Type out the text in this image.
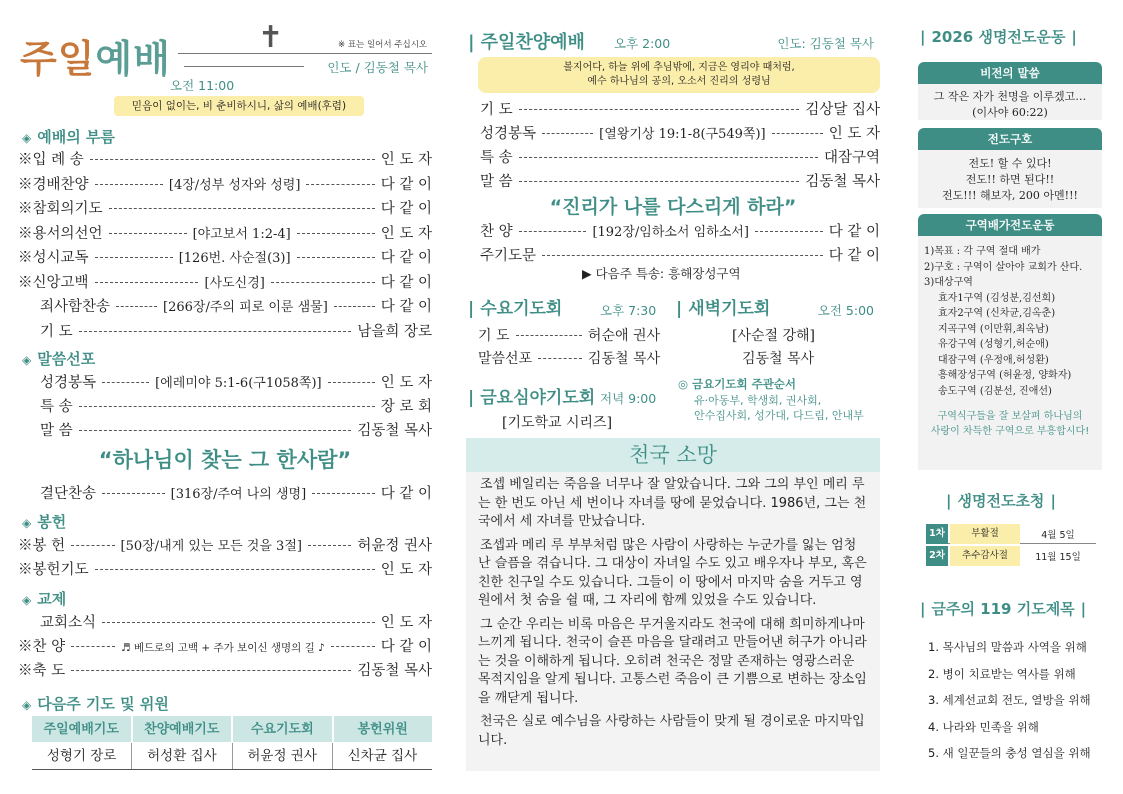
주일예배	✝	※ 표는 일어서 주십시오
인도 / 김동철 목사
오전 11:00
믿음이 없이는, 비 춘비하시니, 삶의 예배(후렴)
◈ 예배의 부름
※입 례 송	인 도 자
※경배찬양	[4장/성부 성자와 성령]	다 같 이
※참회의기도	다 같 이
※용서의선언	[야고보서 1:2-4]	인 도 자
※성시교독	[126번. 사순절(3)]	다 같 이
※신앙고백	[사도신경]	다 같 이
죄사함찬송	[266장/주의 피로 이룬 샘물]	다 같 이
기 도	남을희 장로
◈ 말씀선포
성경봉독	[에레미야 5:1-6(구1058쪽)]	인 도 자
특 송	장 로 회
말 씀	김동철 목사
“하나님이 찾는 그 한사람”
결단찬송	[316장/주여 나의 생명]	다 같 이
◈ 봉헌
※봉 헌	[50장/내게 있는 모든 것을 3절]	허윤정 권사
※봉헌기도	인 도 자
◈ 교제
교회소식	인 도 자
※찬 양	♬ 베드로의 고백 + 주가 보이신 생명의 길 ♪	다 같 이
※축 도	김동철 목사
◈ 다음주 기도 및 위원
주일예배기도	찬양예배기도	수요기도회	봉헌위원
성형기 장로	허성환 집사	허윤정 권사	신차균 집사
| 주일찬양예배 오후 2:00	인도: 김동철 목사
볼지어다, 하늘 위에 추님밖에, 지금은 영리야 때처럼,
예수 하나님의 공의, 오소서 진리의 성령님
기 도	김상달 집사
성경봉독	[열왕기상 19:1-8(구549쪽)]	인 도 자
특 송	대잠구역
말 씀	김동철 목사
“진리가 나를 다스리게 하라”
찬 양	[192장/임하소서 임하소서]	다 같 이
주기도문	다 같 이
▶ 다음주 특송: 흥해장성구역
| 수요기도회	오후 7:30
기 도	허순애 권사
말씀선포	김동철 목사
| 새벽기도회	오전 5:00
[사순절 강해]
김동철 목사
| 금요심야기도회 저녁 9:00
[기도학교 시리즈]
◎ 금요기도회 주관순서
유·아동부, 학생회, 권사회,
안수집사회, 성가대, 다드림, 안내부
천국 소망

조셉 베일리는 죽음을 너무나 잘 알았습니다. 그와 그의 부인 메리 루는 한 번도 아닌 세 번이나 자녀를 땅에 묻었습니다. 1986년, 그는 천국에서 세 자녀를 만났습니다.

조셉과 메리 루 부부처럼 많은 사람이 사랑하는 누군가를 잃는 엄청난 슬픔을 겪습니다. 그 대상이 자녀일 수도 있고 배우자나 부모, 혹은 친한 친구일 수도 있습니다. 그들이 이 땅에서 마지막 숨을 거두고 영원에서 첫 숨을 쉴 때, 그 자리에 함께 있었을 수도 있습니다.

그 순간 우리는 비록 마음은 무거울지라도 천국에 대해 희미하게나마 느끼게 됩니다. 천국이 슬픈 마음을 달래려고 만들어낸 허구가 아니라는 것을 이해하게 됩니다. 오히려 천국은 정말 존재하는 영광스러운 목적지임을 알게 됩니다. 고통스런 죽음이 큰 기쁨으로 변하는 장소임을 깨닫게 됩니다.

천국은 실로 예수님을 사랑하는 사람들이 맞게 될 경이로운 마지막입니다.

| 2026 생명전도운동 |
비전의 말씀
그 작은 자가 천명을 이루겠고…
(이사야 60:22)
전도구호
전도! 할 수 있다!
전도!! 하면 된다!!
전도!!! 해보자, 200 아멘!!!
구역배가전도운동
1)목표 : 각 구역 절대 배가
2)구호 : 구역이 살아야 교회가 산다.
3)대상구역
효자1구역 (김성분,김선희)
효자2구역 (신차균,김옥춘)
지곡구역 (이만휘,최옥남)
유강구역 (성형기,허순애)
대잠구역 (우정애,허성환)
흥해장성구역 (허윤정, 양화자)
송도구역 (김분선, 진애선)
구역식구들을 잘 보살펴 하나님의
사랑이 차득한 구역으로 부흥합시다!
| 생명전도초청 |
1차	부활절	4월 5일
2차	추수감사절	11월 15일
| 금주의 119 기도제목 |
1. 목사님의 말씀과 사역을 위해
2. 병이 치료받는 역사를 위해
3. 세계선교회 전도, 열방을 위해
4. 나라와 민족을 위해
5. 새 일꾼들의 충성 열심을 위해
